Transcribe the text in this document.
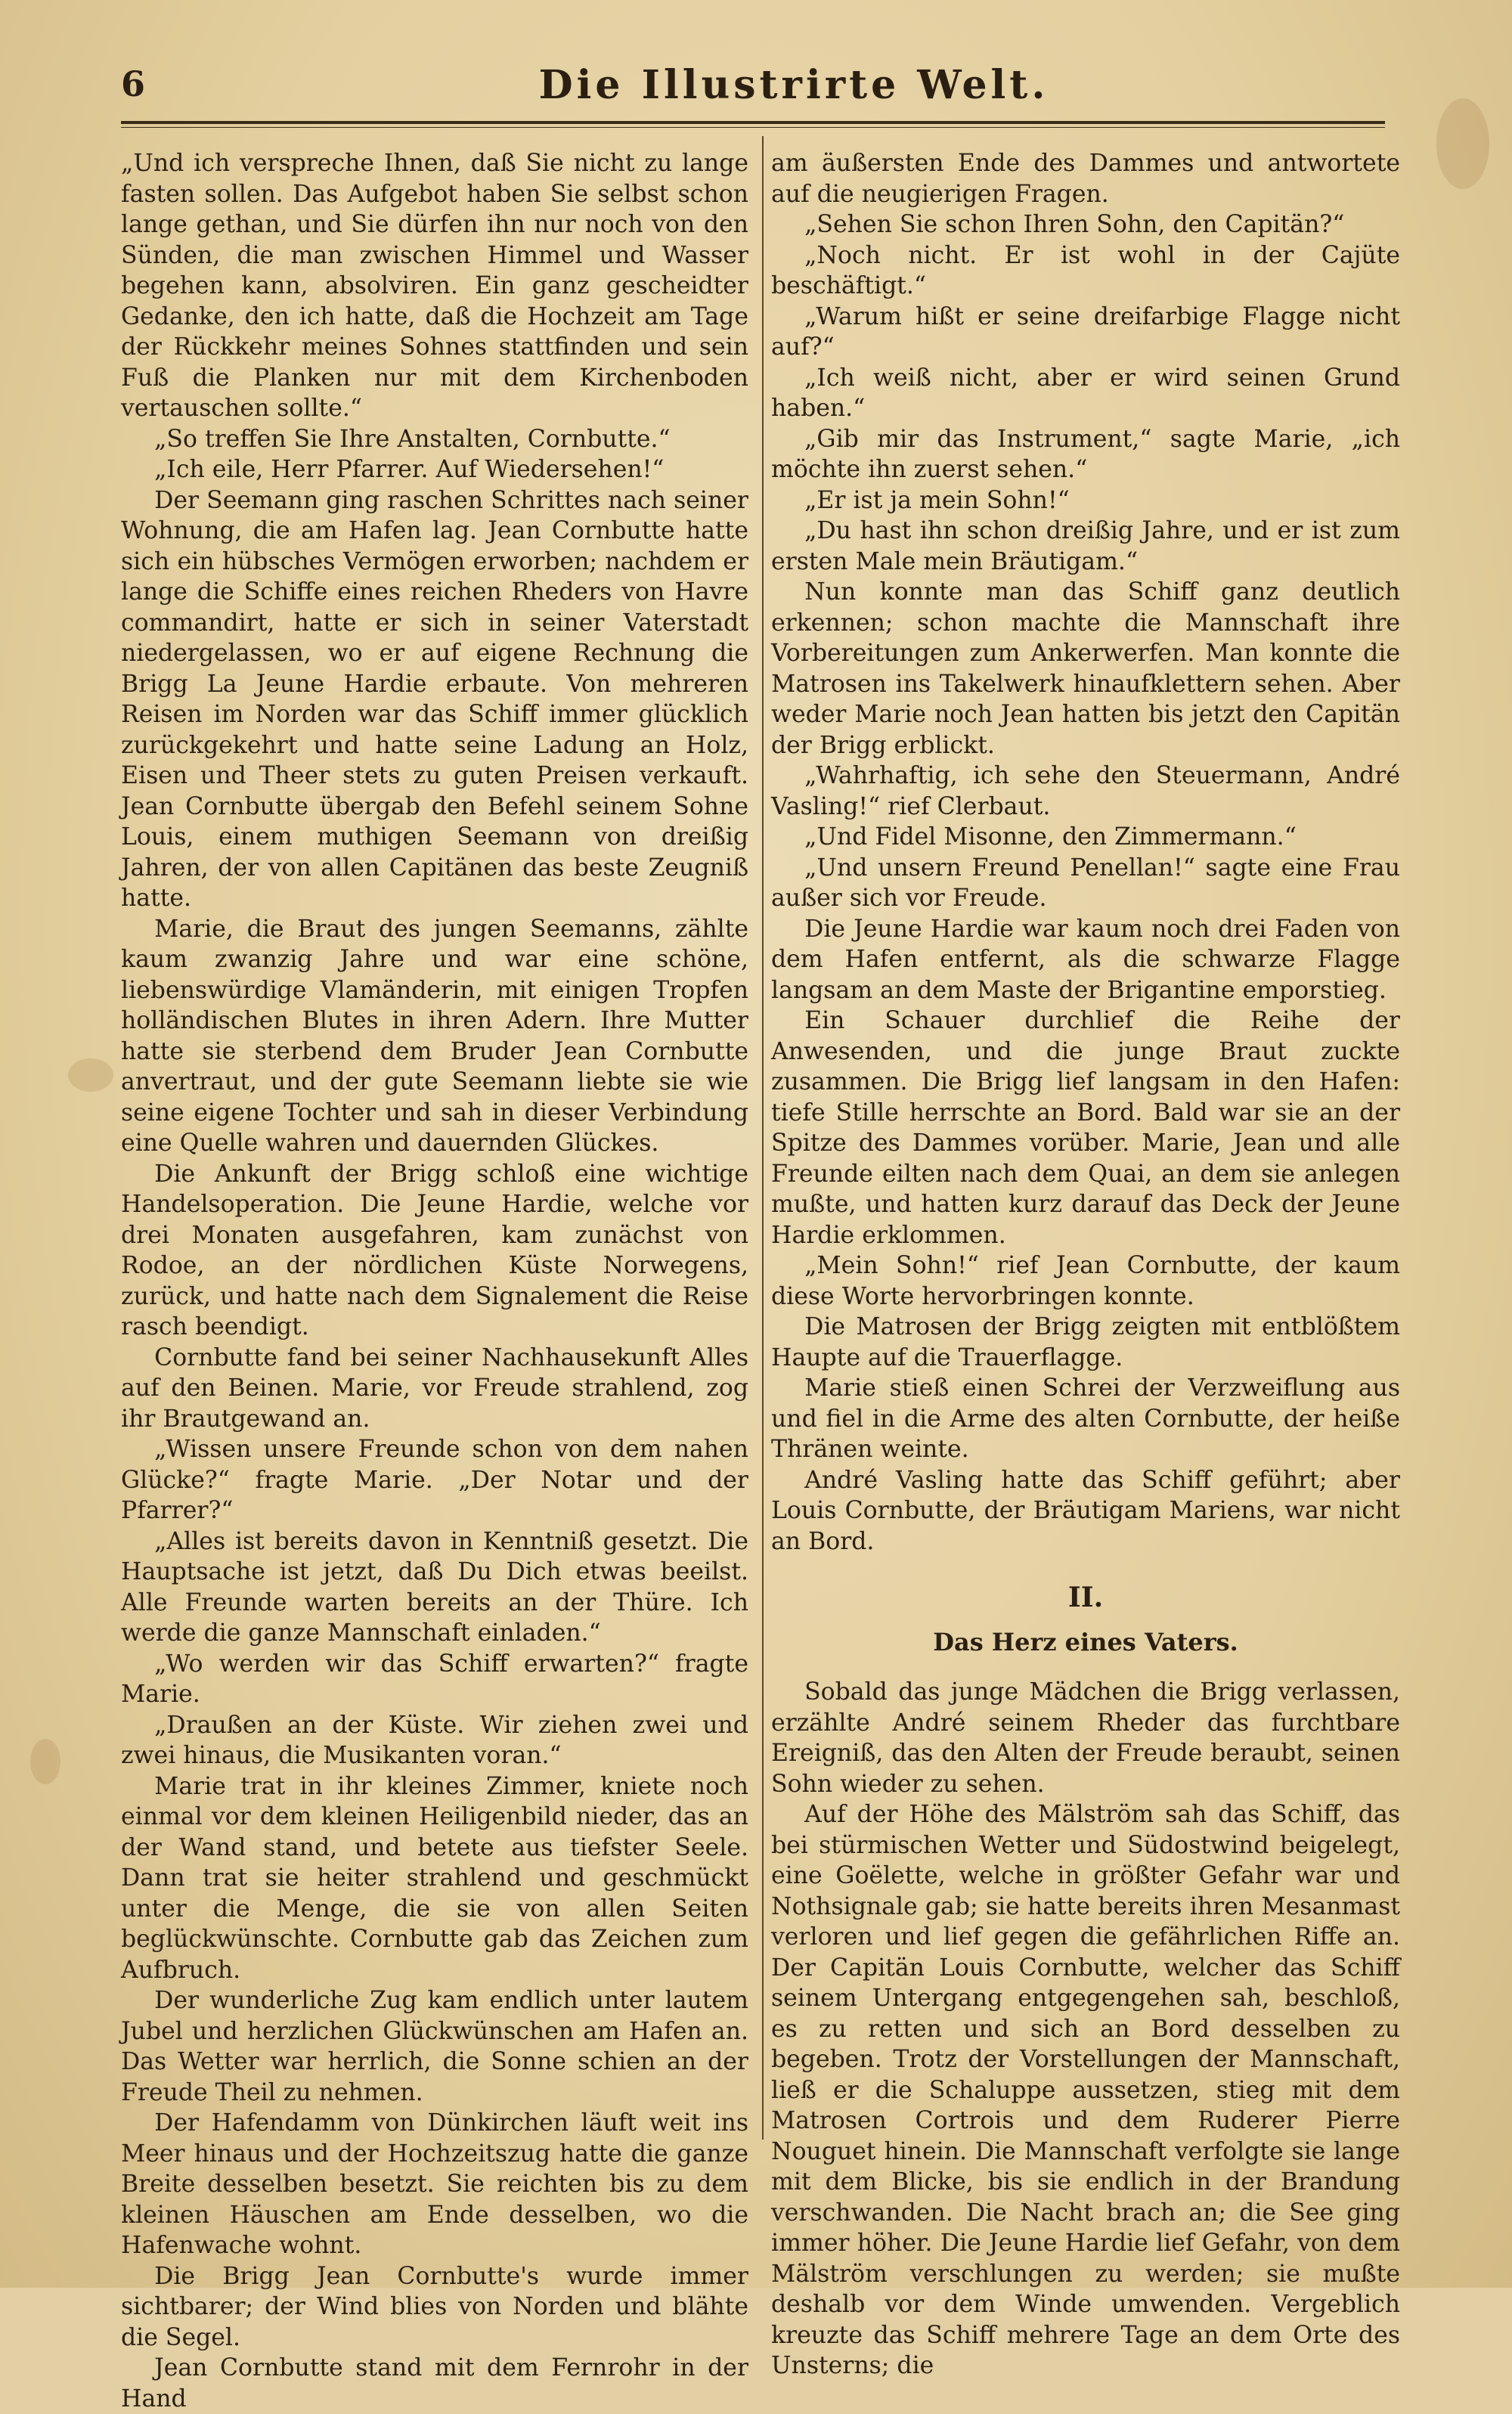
6	Die Illustrirte Welt.

„Und ich verspreche Ihnen, daß Sie nicht zu lange fasten sollen. Das Aufgebot haben Sie selbst schon lange gethan, und Sie dürfen ihn nur noch von den Sünden, die man zwischen Himmel und Wasser begehen kann, absolviren. Ein ganz gescheidter Gedanke, den ich hatte, daß die Hochzeit am Tage der Rückkehr meines Sohnes stattfinden und sein Fuß die Planken nur mit dem Kirchenboden vertauschen sollte.“

„So treffen Sie Ihre Anstalten, Cornbutte.“

„Ich eile, Herr Pfarrer. Auf Wiedersehen!“

Der Seemann ging raschen Schrittes nach seiner Wohnung, die am Hafen lag. Jean Cornbutte hatte sich ein hübsches Vermögen erworben; nachdem er lange die Schiffe eines reichen Rheders von Havre commandirt, hatte er sich in seiner Vaterstadt niedergelassen, wo er auf eigene Rechnung die Brigg La Jeune Hardie erbaute. Von mehreren Reisen im Norden war das Schiff immer glücklich zurückgekehrt und hatte seine Ladung an Holz, Eisen und Theer stets zu guten Preisen verkauft. Jean Cornbutte übergab den Befehl seinem Sohne Louis, einem muthigen Seemann von dreißig Jahren, der von allen Capitänen das beste Zeugniß hatte.

Marie, die Braut des jungen Seemanns, zählte kaum zwanzig Jahre und war eine schöne, liebenswürdige Vlamänderin, mit einigen Tropfen holländischen Blutes in ihren Adern. Ihre Mutter hatte sie sterbend dem Bruder Jean Cornbutte anvertraut, und der gute Seemann liebte sie wie seine eigene Tochter und sah in dieser Verbindung eine Quelle wahren und dauernden Glückes.

Die Ankunft der Brigg schloß eine wichtige Handelsoperation. Die Jeune Hardie, welche vor drei Monaten ausgefahren, kam zunächst von Rodoe, an der nördlichen Küste Norwegens, zurück, und hatte nach dem Signalement die Reise rasch beendigt.

Cornbutte fand bei seiner Nachhausekunft Alles auf den Beinen. Marie, vor Freude strahlend, zog ihr Brautgewand an.

„Wissen unsere Freunde schon von dem nahen Glücke?“ fragte Marie. „Der Notar und der Pfarrer?“

„Alles ist bereits davon in Kenntniß gesetzt. Die Hauptsache ist jetzt, daß Du Dich etwas beeilst. Alle Freunde warten bereits an der Thüre. Ich werde die ganze Mannschaft einladen.“

„Wo werden wir das Schiff erwarten?“ fragte Marie.

„Draußen an der Küste. Wir ziehen zwei und zwei hinaus, die Musikanten voran.“

Marie trat in ihr kleines Zimmer, kniete noch einmal vor dem kleinen Heiligenbild nieder, das an der Wand stand, und betete aus tiefster Seele. Dann trat sie heiter strahlend und geschmückt unter die Menge, die sie von allen Seiten beglückwünschte. Cornbutte gab das Zeichen zum Aufbruch.

Der wunderliche Zug kam endlich unter lautem Jubel und herzlichen Glückwünschen am Hafen an. Das Wetter war herrlich, die Sonne schien an der Freude Theil zu nehmen.

Der Hafendamm von Dünkirchen läuft weit ins Meer hinaus und der Hochzeitszug hatte die ganze Breite desselben besetzt. Sie reichten bis zu dem kleinen Häuschen am Ende desselben, wo die Hafenwache wohnt.

Die Brigg Jean Cornbutte's wurde immer sichtbarer; der Wind blies von Norden und blähte die Segel.

Jean Cornbutte stand mit dem Fernrohr in der Hand

am äußersten Ende des Dammes und antwortete auf die neugierigen Fragen.

„Sehen Sie schon Ihren Sohn, den Capitän?“

„Noch nicht. Er ist wohl in der Cajüte beschäftigt.“

„Warum hißt er seine dreifarbige Flagge nicht auf?“

„Ich weiß nicht, aber er wird seinen Grund haben.“

„Gib mir das Instrument,“ sagte Marie, „ich möchte ihn zuerst sehen.“

„Er ist ja mein Sohn!“

„Du hast ihn schon dreißig Jahre, und er ist zum ersten Male mein Bräutigam.“

Nun konnte man das Schiff ganz deutlich erkennen; schon machte die Mannschaft ihre Vorbereitungen zum Ankerwerfen. Man konnte die Matrosen ins Takelwerk hinaufklettern sehen. Aber weder Marie noch Jean hatten bis jetzt den Capitän der Brigg erblickt.

„Wahrhaftig, ich sehe den Steuermann, André Vasling!“ rief Clerbaut.

„Und Fidel Misonne, den Zimmermann.“

„Und unsern Freund Penellan!“ sagte eine Frau außer sich vor Freude.

Die Jeune Hardie war kaum noch drei Faden von dem Hafen entfernt, als die schwarze Flagge langsam an dem Maste der Brigantine emporstieg.

Ein Schauer durchlief die Reihe der Anwesenden, und die junge Braut zuckte zusammen. Die Brigg lief langsam in den Hafen: tiefe Stille herrschte an Bord. Bald war sie an der Spitze des Dammes vorüber. Marie, Jean und alle Freunde eilten nach dem Quai, an dem sie anlegen mußte, und hatten kurz darauf das Deck der Jeune Hardie erklommen.

„Mein Sohn!“ rief Jean Cornbutte, der kaum diese Worte hervorbringen konnte.

Die Matrosen der Brigg zeigten mit entblößtem Haupte auf die Trauerflagge.

Marie stieß einen Schrei der Verzweiflung aus und fiel in die Arme des alten Cornbutte, der heiße Thränen weinte.

André Vasling hatte das Schiff geführt; aber Louis Cornbutte, der Bräutigam Mariens, war nicht an Bord.

II.

Das Herz eines Vaters.

Sobald das junge Mädchen die Brigg verlassen, erzählte André seinem Rheder das furchtbare Ereigniß, das den Alten der Freude beraubt, seinen Sohn wieder zu sehen.

Auf der Höhe des Mälström sah das Schiff, das bei stürmischen Wetter und Südostwind beigelegt, eine Goëlette, welche in größter Gefahr war und Nothsignale gab; sie hatte bereits ihren Mesanmast verloren und lief gegen die gefährlichen Riffe an. Der Capitän Louis Cornbutte, welcher das Schiff seinem Untergang entgegengehen sah, beschloß, es zu retten und sich an Bord desselben zu begeben. Trotz der Vorstellungen der Mannschaft, ließ er die Schaluppe aussetzen, stieg mit dem Matrosen Cortrois und dem Ruderer Pierre Nouguet hinein. Die Mannschaft verfolgte sie lange mit dem Blicke, bis sie endlich in der Brandung verschwanden. Die Nacht brach an; die See ging immer höher. Die Jeune Hardie lief Gefahr, von dem Mälström verschlungen zu werden; sie mußte deshalb vor dem Winde umwenden. Vergeblich kreuzte das Schiff mehrere Tage an dem Orte des Unsterns; die
